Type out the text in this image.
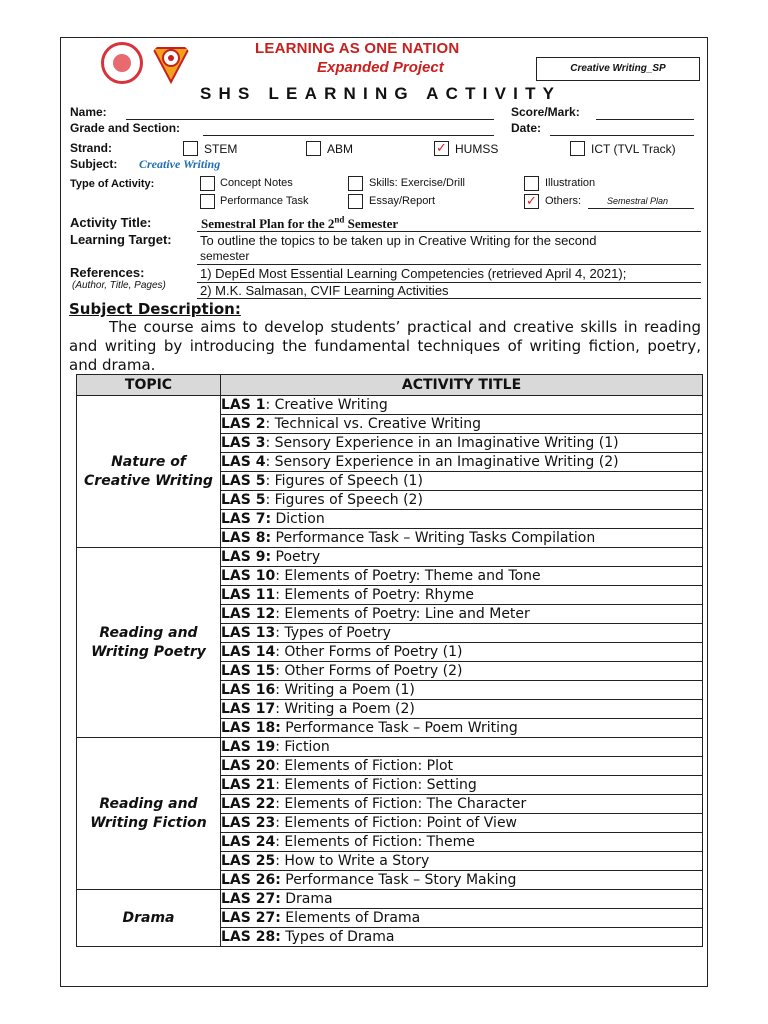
LEARNING AS ONE NATION
Expanded Project	Creative Writing_SP
SHS LEARNING ACTIVITY
Name:	Score/Mark:
Grade and Section:	Date:
Strand:	STEM	ABM	✓ HUMSS	ICT (TVL Track)
Subject: Creative Writing
Type of Activity:	Concept Notes	Skills: Exercise/Drill	Illustration
Performance Task	Essay/Report	✓ Others:	Semestral Plan
Activity Title:	Semestral Plan for the 2nd Semester
Learning Target: To outline the topics to be taken up in Creative Writing for the second
semester
References:
(Author, Title, Pages)
1) DepEd Most Essential Learning Competencies (retrieved April 4, 2021);
2) M.K. Salmasan, CVIF Learning Activities
Subject Description:
The course aims to develop students’ practical and creative skills in reading and writing by introducing the fundamental techniques of writing fiction, poetry, and drama.
TOPIC	ACTIVITY TITLE
Nature of Creative Writing	LAS 1: Creative Writing
	LAS 2: Technical vs. Creative Writing
	LAS 3: Sensory Experience in an Imaginative Writing (1)
	LAS 4: Sensory Experience in an Imaginative Writing (2)
	LAS 5: Figures of Speech (1)
	LAS 5: Figures of Speech (2)
	LAS 7: Diction
	LAS 8: Performance Task – Writing Tasks Compilation
Reading and Writing Poetry	LAS 9: Poetry
	LAS 10: Elements of Poetry: Theme and Tone
	LAS 11: Elements of Poetry: Rhyme
	LAS 12: Elements of Poetry: Line and Meter
	LAS 13: Types of Poetry
	LAS 14: Other Forms of Poetry (1)
	LAS 15: Other Forms of Poetry (2)
	LAS 16: Writing a Poem (1)
	LAS 17: Writing a Poem (2)
	LAS 18: Performance Task – Poem Writing
Reading and Writing Fiction	LAS 19: Fiction
	LAS 20: Elements of Fiction: Plot
	LAS 21: Elements of Fiction: Setting
	LAS 22: Elements of Fiction: The Character
	LAS 23: Elements of Fiction: Point of View
	LAS 24: Elements of Fiction: Theme
	LAS 25: How to Write a Story
	LAS 26: Performance Task – Story Making
Drama	LAS 27: Drama
	LAS 27: Elements of Drama
	LAS 28: Types of Drama
